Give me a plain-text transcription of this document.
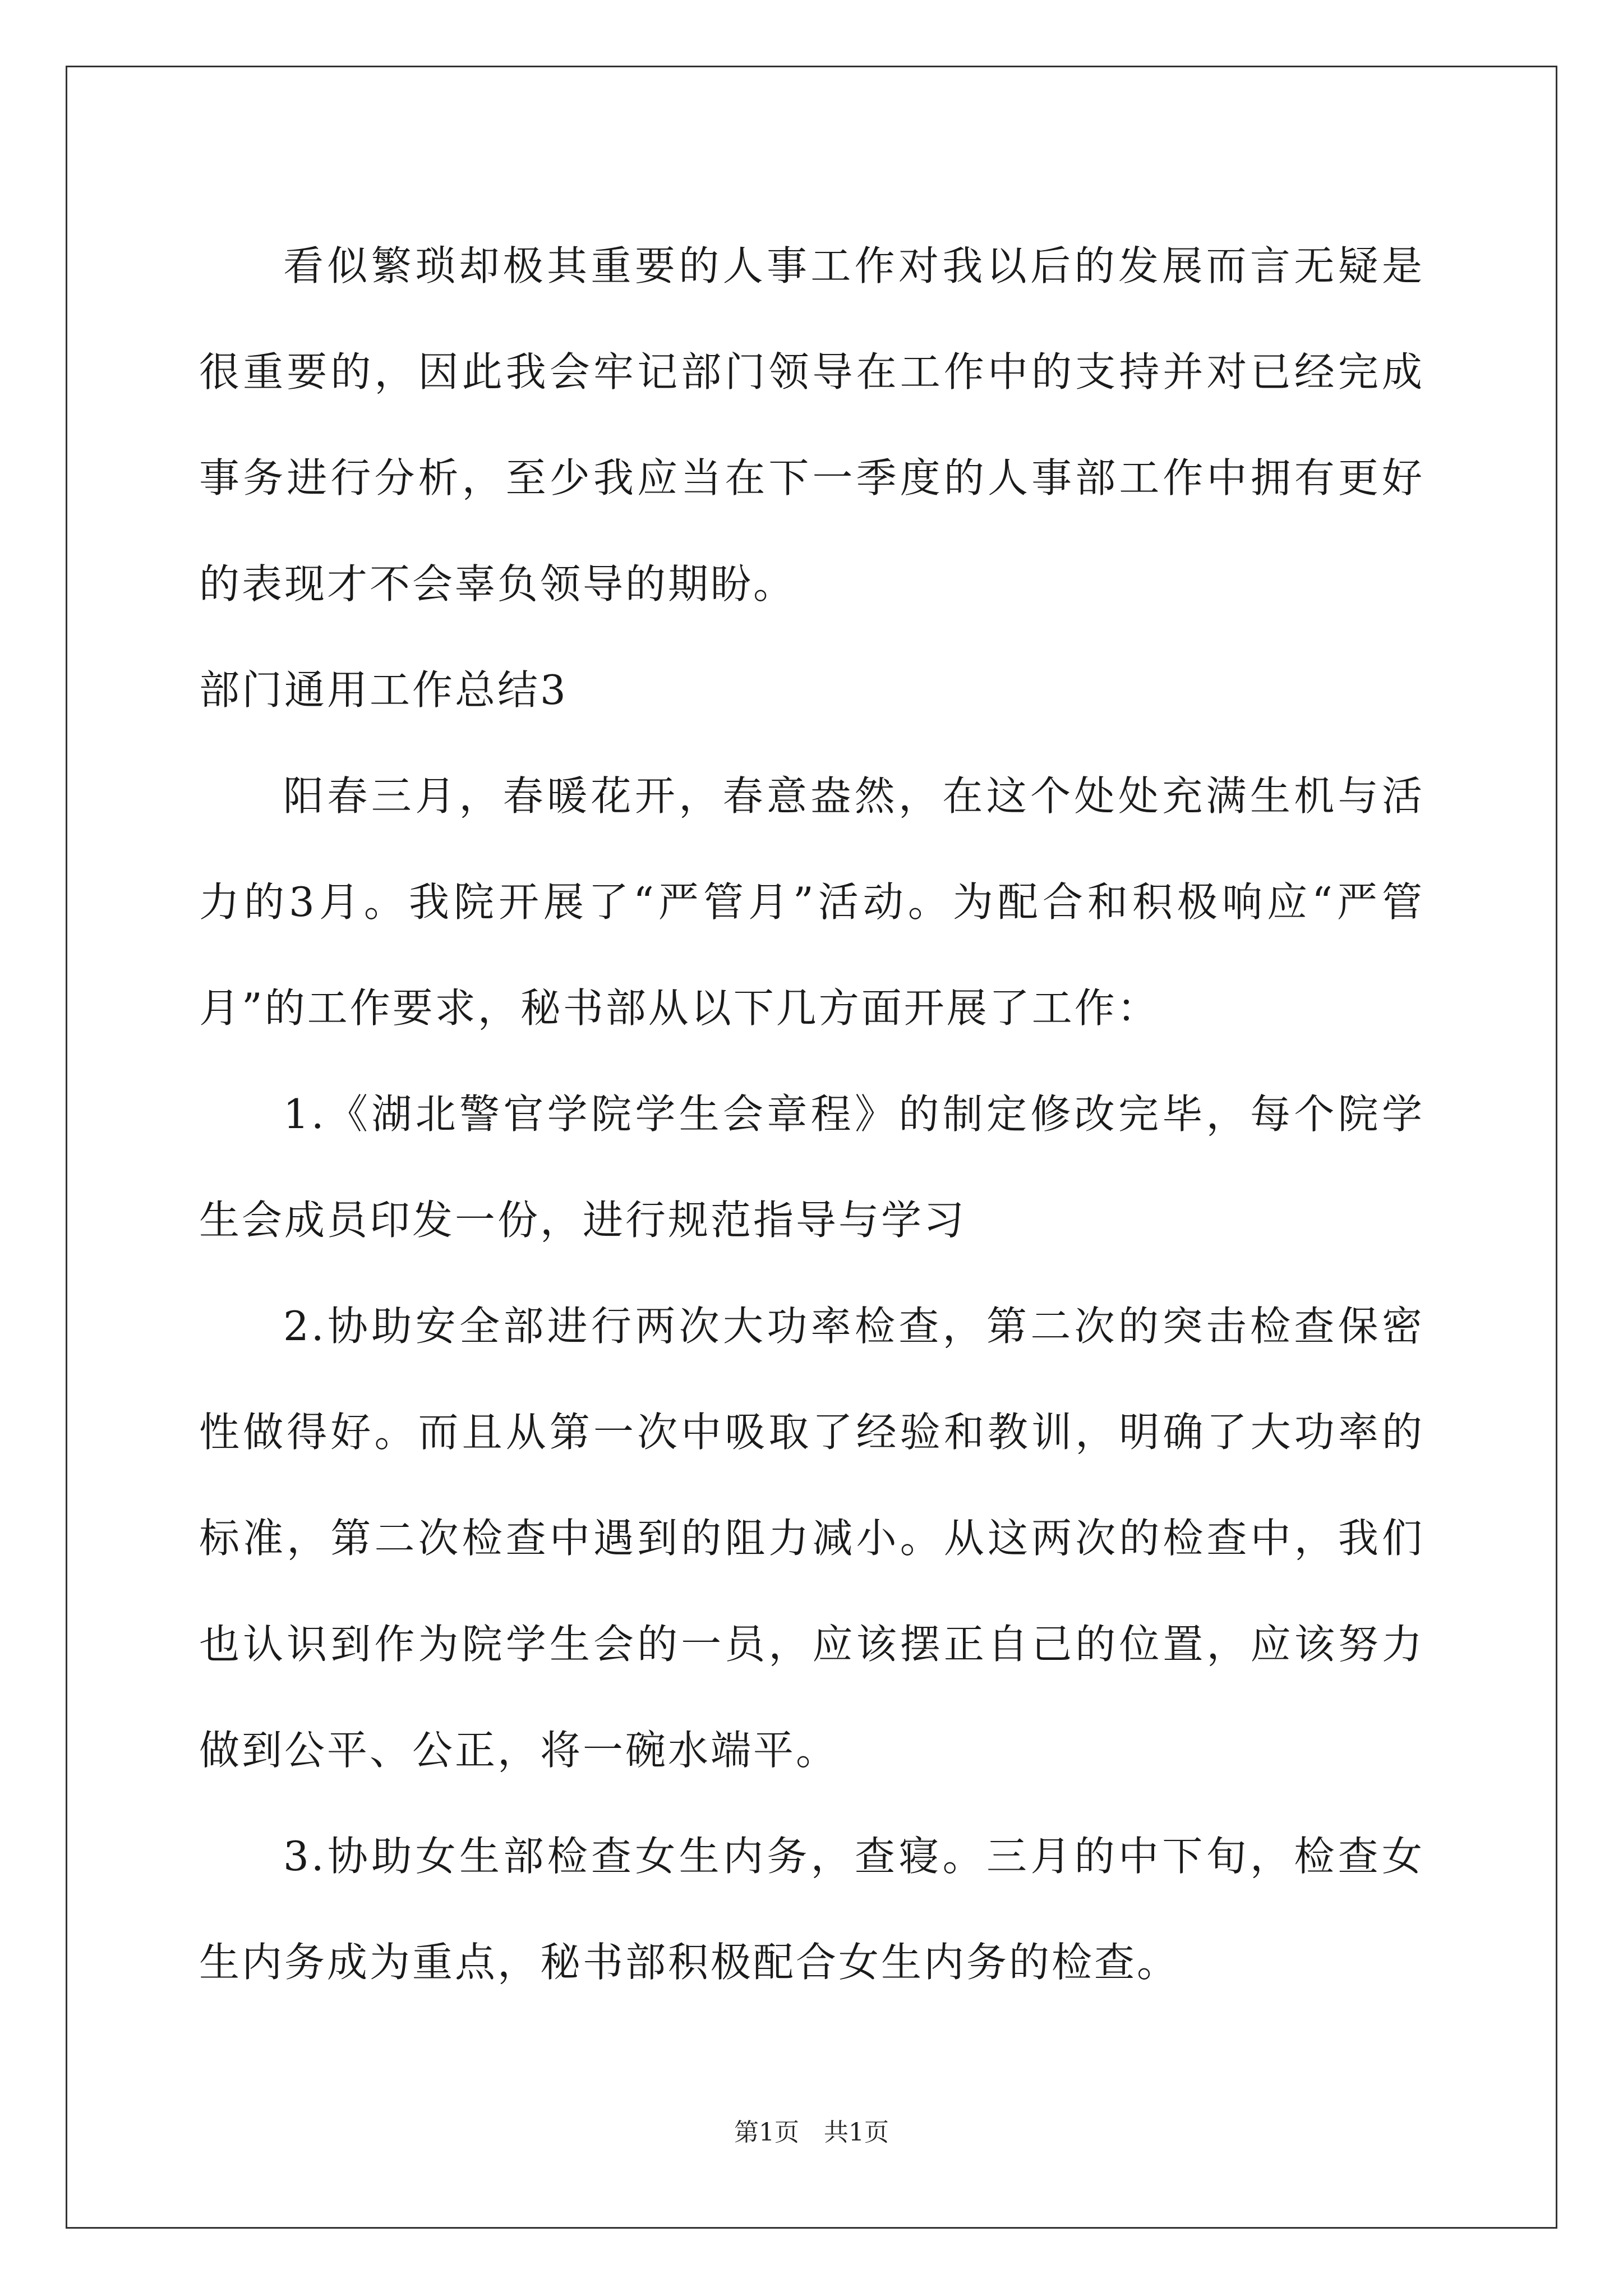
看似繁琐却极其重要的人事工作对我以后的发展而言无疑是很重要的，因此我会牢记部门领导在工作中的支持并对已经完成事务进行分析，至少我应当在下一季度的人事部工作中拥有更好的表现才不会辜负领导的期盼。

部门通用工作总结3

阳春三月，春暖花开，春意盎然，在这个处处充满生机与活力的3月。我院开展了“严管月”活动。为配合和积极响应“严管月”的工作要求，秘书部从以下几方面开展了工作：

1.《湖北警官学院学生会章程》的制定修改完毕，每个院学生会成员印发一份，进行规范指导与学习

2.协助安全部进行两次大功率检查，第二次的突击检查保密性做得好。而且从第一次中吸取了经验和教训，明确了大功率的标准，第二次检查中遇到的阻力减小。从这两次的检查中，我们也认识到作为院学生会的一员，应该摆正自己的位置，应该努力做到公平、公正，将一碗水端平。

3.协助女生部检查女生内务，查寝。三月的中下旬，检查女生内务成为重点，秘书部积极配合女生内务的检查。

第1页　共1页
